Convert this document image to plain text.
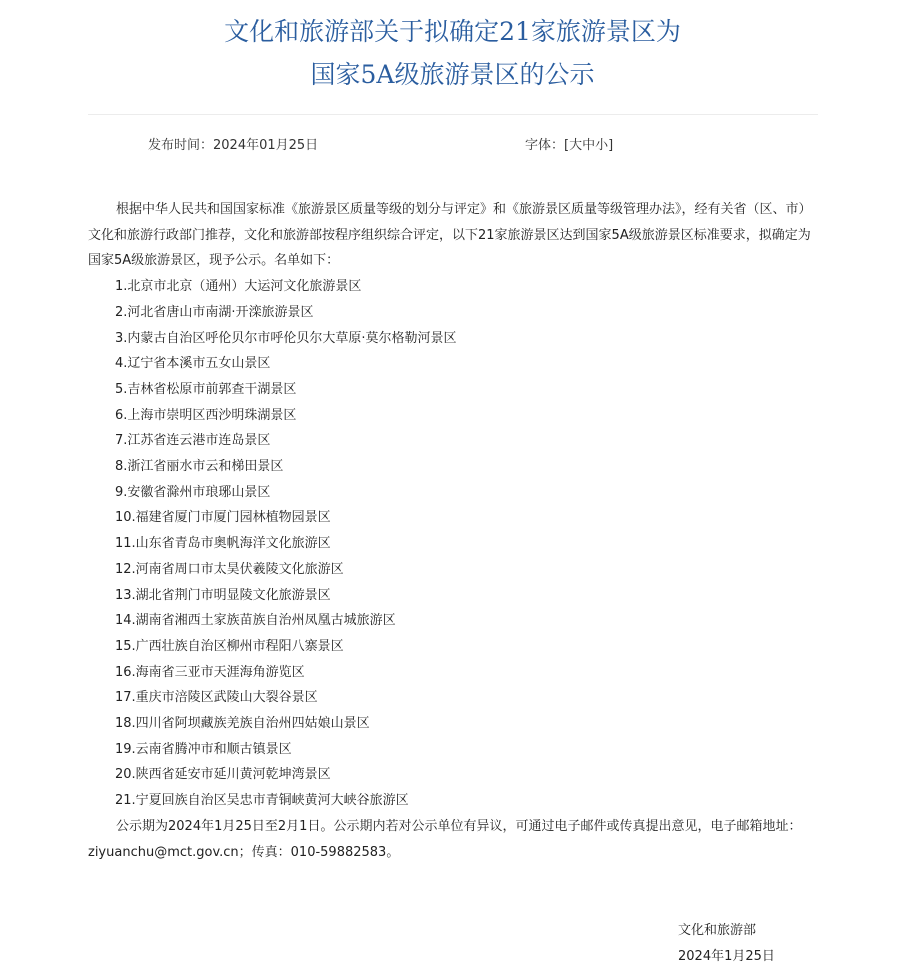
文化和旅游部关于拟确定21家旅游景区为
国家5A级旅游景区的公示
发布时间：2024年01月25日	字体：[大中小]

根据中华人民共和国国家标准《旅游景区质量等级的划分与评定》和《旅游景区质量等级管理办法》，经有关省（区、市）文化和旅游行政部门推荐，文化和旅游部按程序组织综合评定，以下21家旅游景区达到国家5A级旅游景区标准要求，拟确定为国家5A级旅游景区，现予公示。名单如下：

1.北京市北京（通州）大运河文化旅游景区

2.河北省唐山市南湖·开滦旅游景区

3.内蒙古自治区呼伦贝尔市呼伦贝尔大草原·莫尔格勒河景区

4.辽宁省本溪市五女山景区

5.吉林省松原市前郭查干湖景区

6.上海市崇明区西沙明珠湖景区

7.江苏省连云港市连岛景区

8.浙江省丽水市云和梯田景区

9.安徽省滁州市琅琊山景区

10.福建省厦门市厦门园林植物园景区

11.山东省青岛市奥帆海洋文化旅游区

12.河南省周口市太昊伏羲陵文化旅游区

13.湖北省荆门市明显陵文化旅游景区

14.湖南省湘西土家族苗族自治州凤凰古城旅游区

15.广西壮族自治区柳州市程阳八寨景区

16.海南省三亚市天涯海角游览区

17.重庆市涪陵区武陵山大裂谷景区

18.四川省阿坝藏族羌族自治州四姑娘山景区

19.云南省腾冲市和顺古镇景区

20.陕西省延安市延川黄河乾坤湾景区

21.宁夏回族自治区吴忠市青铜峡黄河大峡谷旅游区

公示期为2024年1月25日至2月1日。公示期内若对公示单位有异议，可通过电子邮件或传真提出意见，电子邮箱地址：ziyuanchu@mct.gov.cn；传真：010-59882583。

文化和旅游部
2024年1月25日
